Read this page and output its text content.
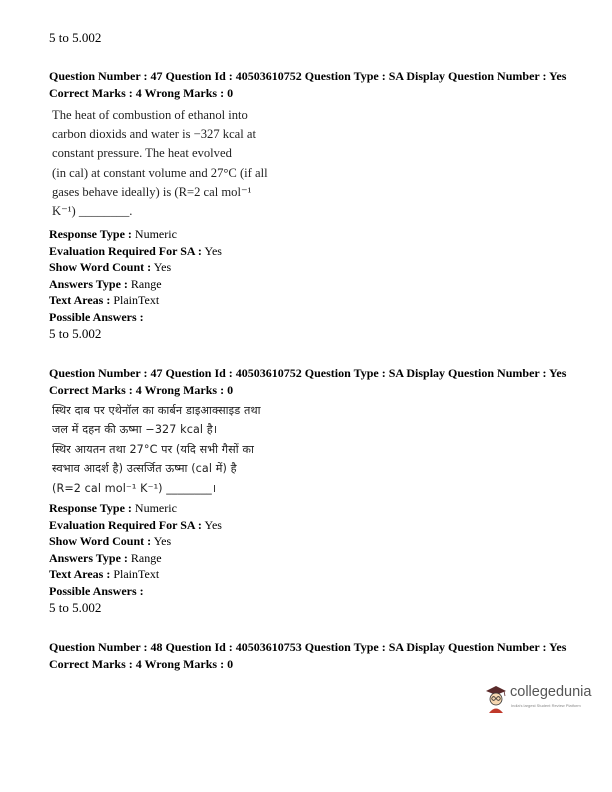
5 to 5.002
Question Number : 47 Question Id : 40503610752 Question Type : SA Display Question Number : Yes
Correct Marks : 4 Wrong Marks : 0
The heat of combustion of ethanol into
carbon dioxids and water is −327 kcal at
constant pressure. The heat evolved
(in cal) at constant volume and 27°C (if all
gases behave ideally) is (R=2 cal mol⁻¹
K⁻¹) ________.
Response Type : Numeric
Evaluation Required For SA : Yes
Show Word Count : Yes
Answers Type : Range
Text Areas : PlainText
Possible Answers :
5 to 5.002
Question Number : 47 Question Id : 40503610752 Question Type : SA Display Question Number : Yes
Correct Marks : 4 Wrong Marks : 0
स्थिर दाब पर एथेनॉल का कार्बन डाइआक्साइड तथा
जल में दहन की ऊष्मा −327 kcal है।
स्थिर आयतन तथा 27°C पर (यदि सभी गैसों का
स्वभाव आदर्श है) उत्सर्जित ऊष्मा (cal में) है
(R=2 cal mol⁻¹ K⁻¹) ________।
Response Type : Numeric
Evaluation Required For SA : Yes
Show Word Count : Yes
Answers Type : Range
Text Areas : PlainText
Possible Answers :
5 to 5.002
Question Number : 48 Question Id : 40503610753 Question Type : SA Display Question Number : Yes
Correct Marks : 4 Wrong Marks : 0
collegedunia
India's largest Student Review Platform
